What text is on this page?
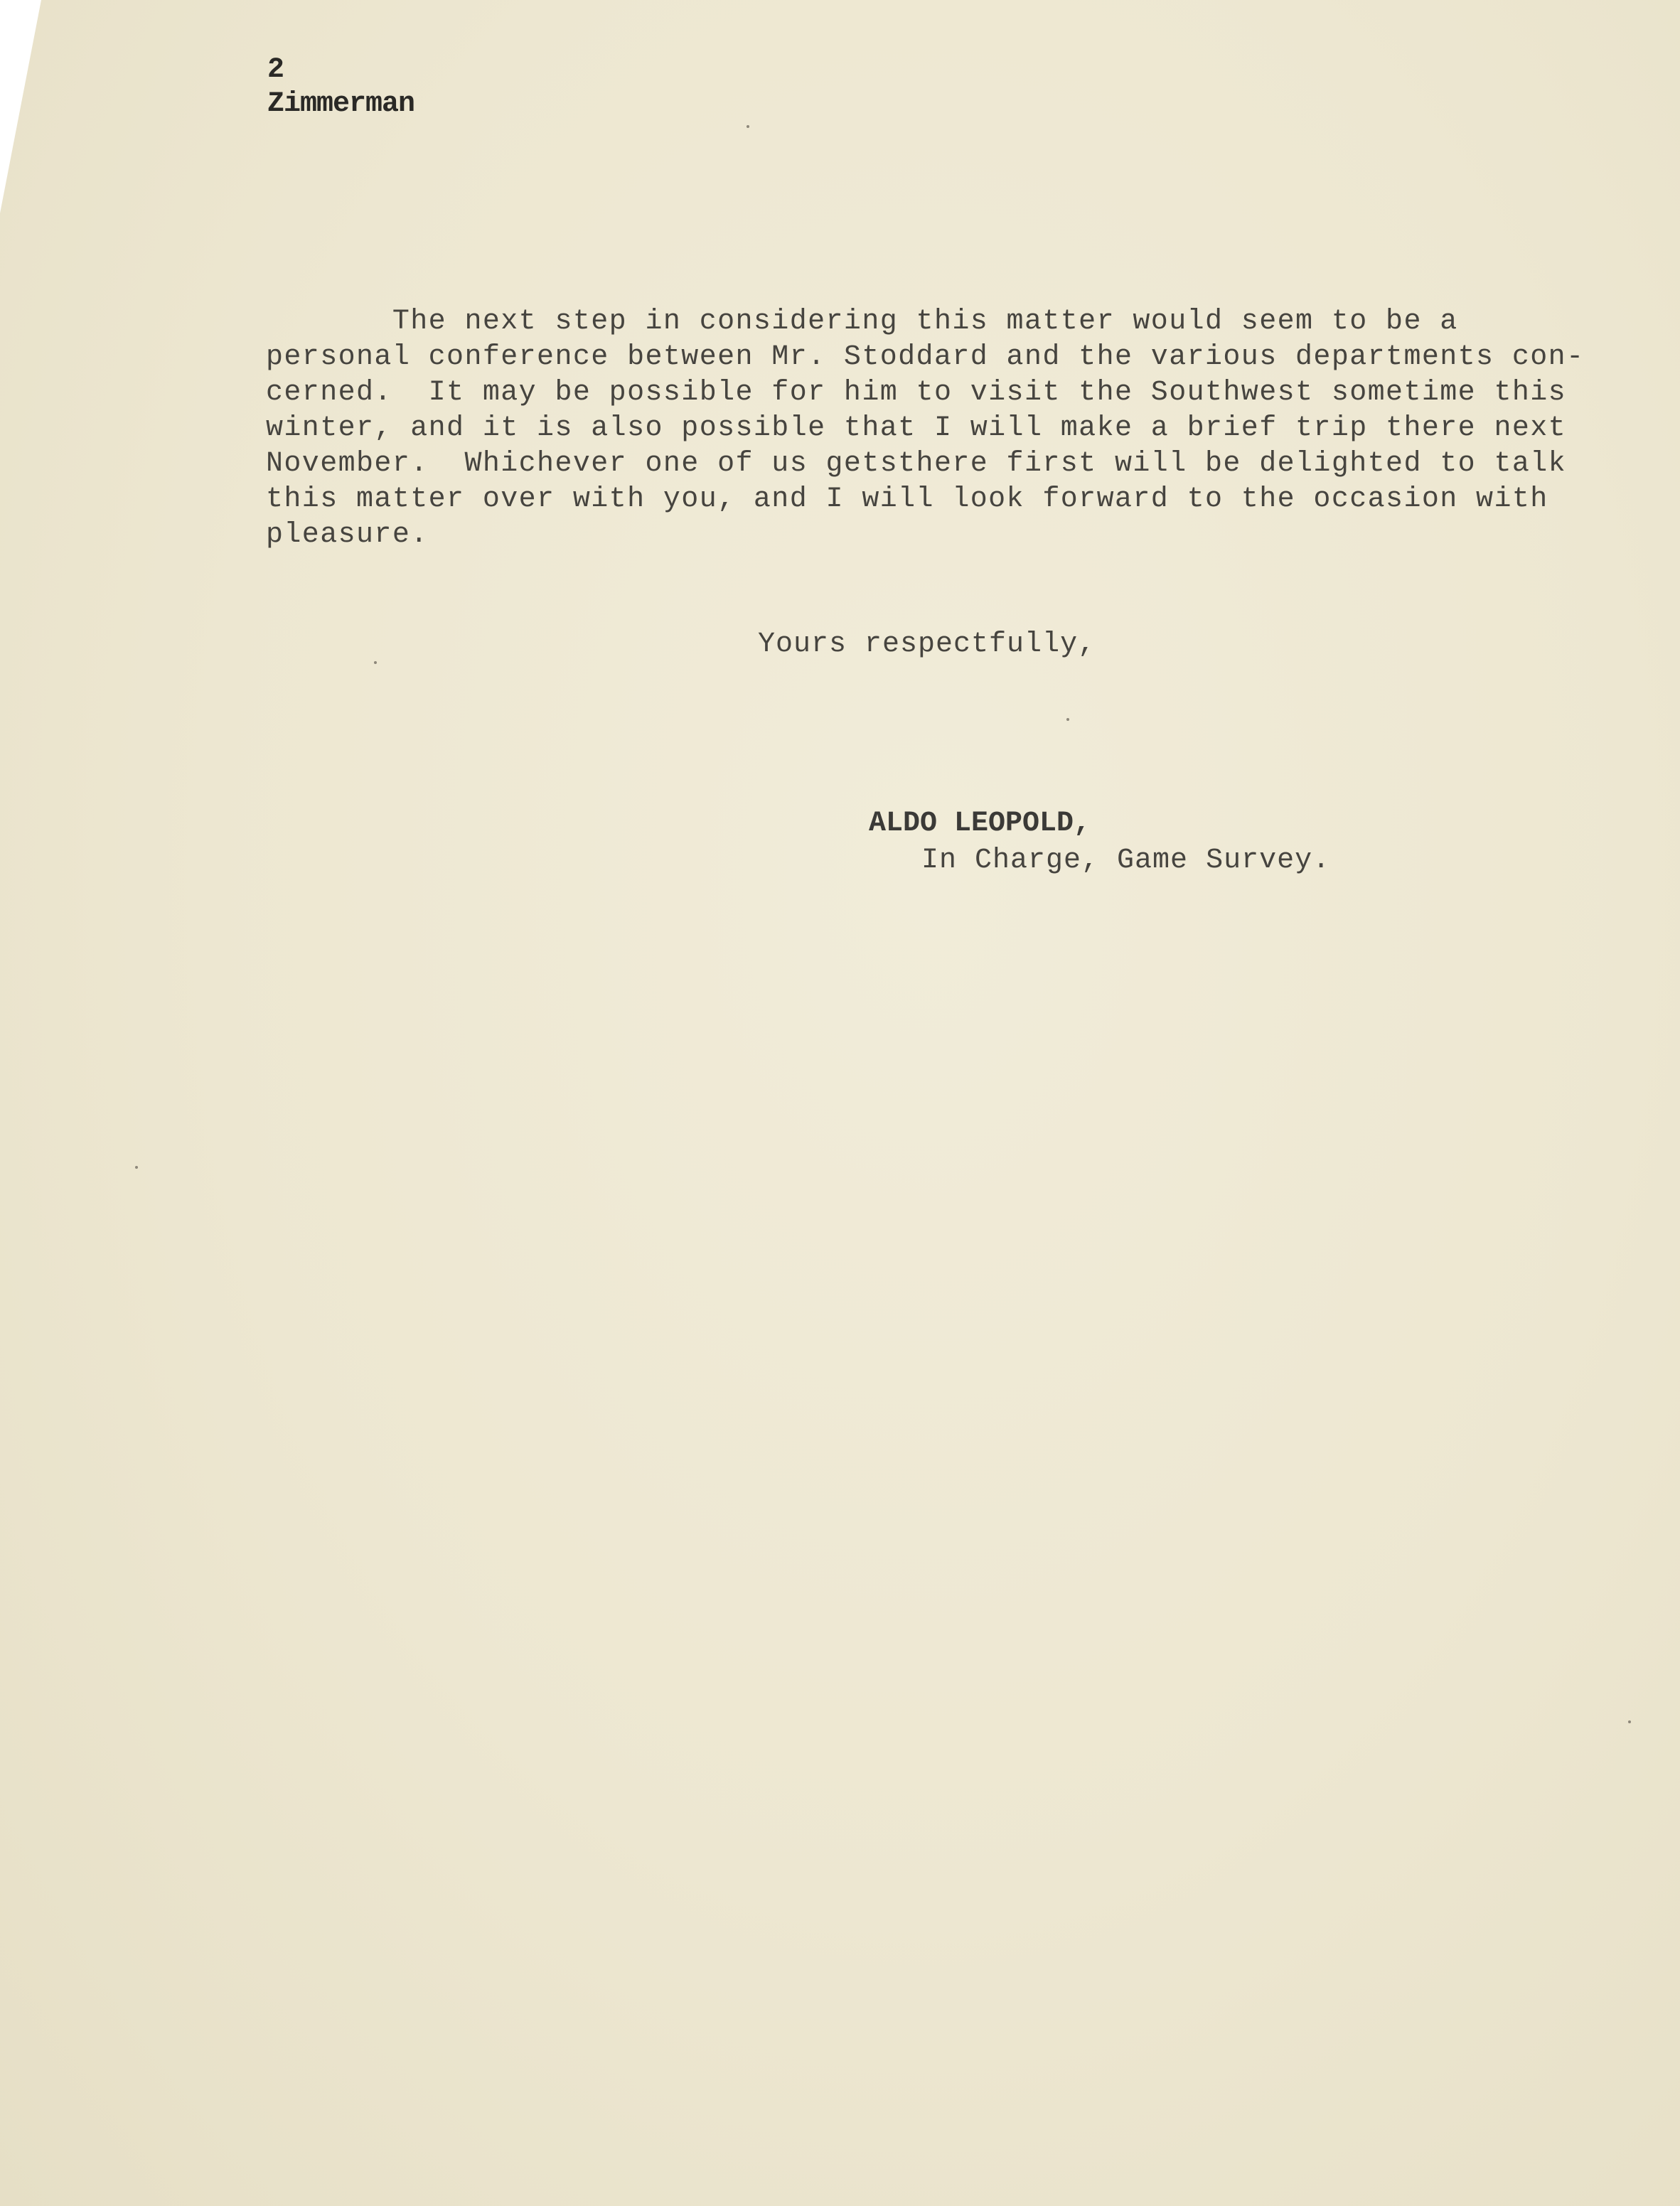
2

Zimmerman

The next step in considering this matter would seem to be a
personal conference between Mr. Stoddard and the various departments con-
cerned.  It may be possible for him to visit the Southwest sometime this
winter, and it is also possible that I will make a brief trip there next
November.  Whichever one of us getsthere first will be delighted to talk
this matter over with you, and I will look forward to the occasion with
pleasure.

Yours respectfully,

ALDO LEOPOLD,

In Charge, Game Survey.
